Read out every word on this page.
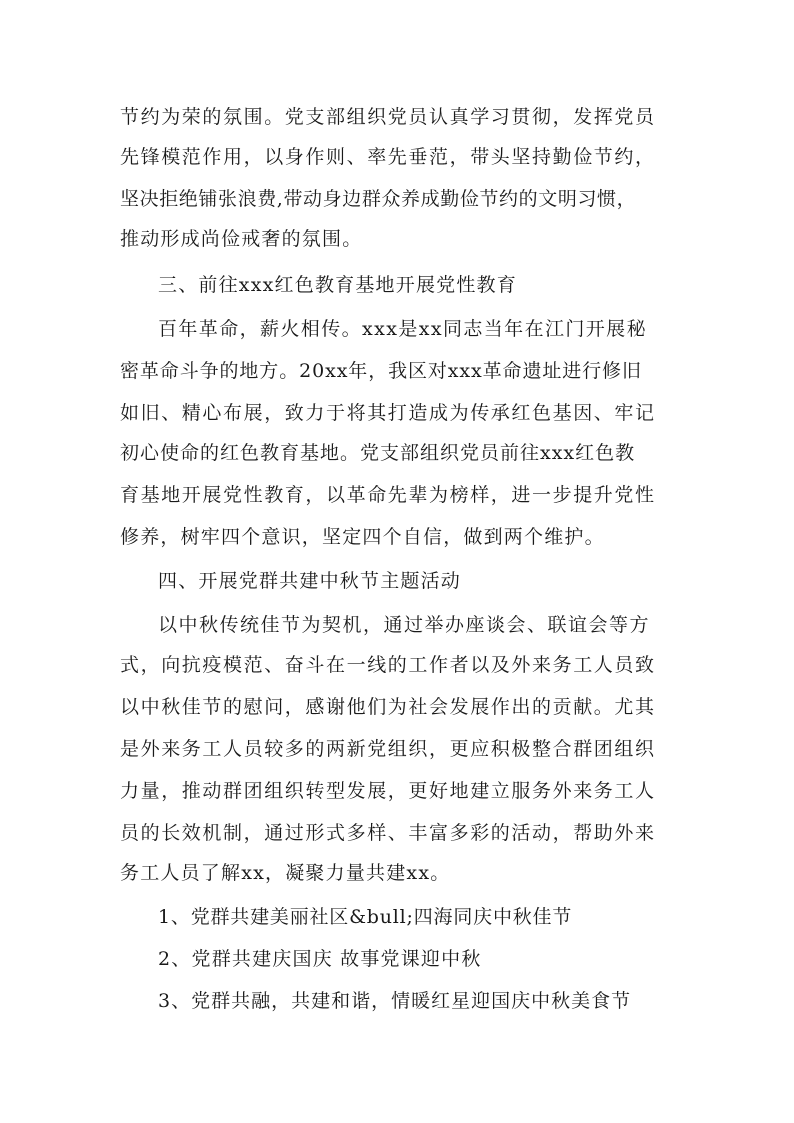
节约为荣的氛围。党支部组织党员认真学习贯彻，发挥党员

先锋模范作用，以身作则、率先垂范，带头坚持勤俭节约，

坚决拒绝铺张浪费,带动身边群众养成勤俭节约的文明习惯，

推动形成尚俭戒奢的氛围。

三、前往xxx红色教育基地开展党性教育

百年革命，薪火相传。xxx是xx同志当年在江门开展秘

密革命斗争的地方。20xx年，我区对xxx革命遗址进行修旧

如旧、精心布展，致力于将其打造成为传承红色基因、牢记

初心使命的红色教育基地。党支部组织党员前往xxx红色教

育基地开展党性教育，以革命先辈为榜样，进一步提升党性

修养，树牢四个意识，坚定四个自信，做到两个维护。

四、开展党群共建中秋节主题活动

以中秋传统佳节为契机，通过举办座谈会、联谊会等方

式，向抗疫模范、奋斗在一线的工作者以及外来务工人员致

以中秋佳节的慰问，感谢他们为社会发展作出的贡献。尤其

是外来务工人员较多的两新党组织，更应积极整合群团组织

力量，推动群团组织转型发展，更好地建立服务外来务工人

员的长效机制，通过形式多样、丰富多彩的活动，帮助外来

务工人员了解xx，凝聚力量共建xx。

1、党群共建美丽社区&bull;四海同庆中秋佳节

2、党群共建庆国庆 故事党课迎中秋

3、党群共融，共建和谐，情暖红星迎国庆中秋美食节
